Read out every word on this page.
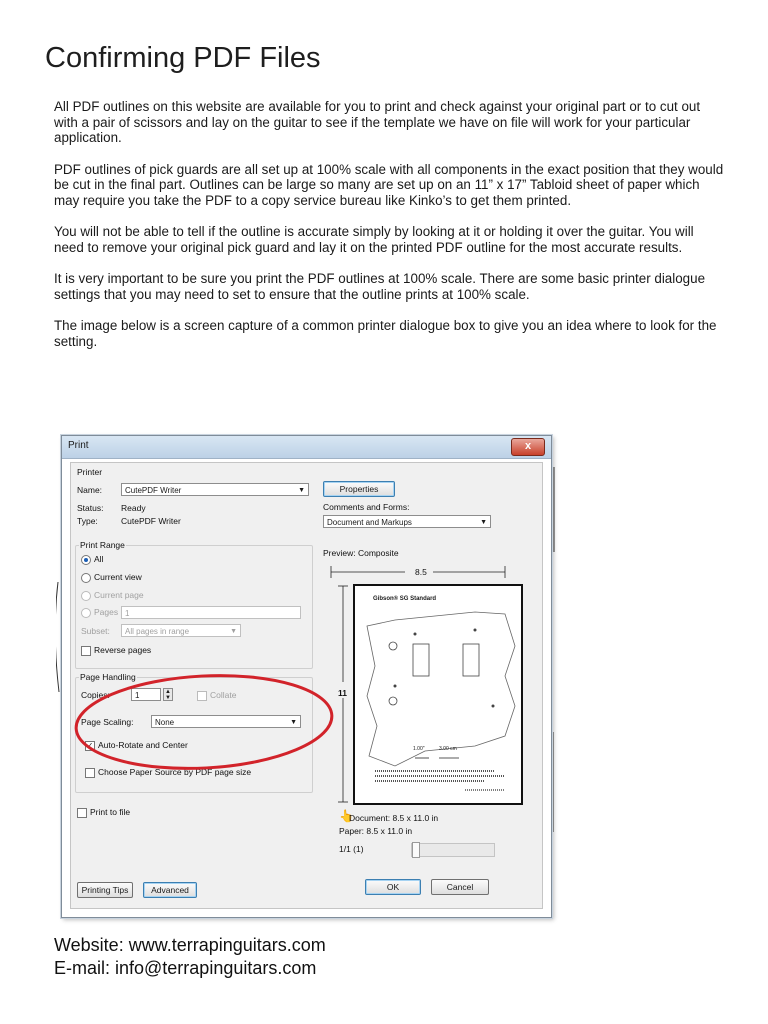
Confirming PDF Files

All PDF outlines on this website are available for you to print and check against your original part or to cut out with a pair of scissors and lay on the guitar to see if the template we have on file will work for your particular application.

PDF outlines of pick guards are all set up at 100% scale with all components in the exact position that they would be cut in the final part. Outlines can be large so many are set up on an 11” x 17” Tabloid sheet of paper which may require you take the PDF to a copy service bureau like Kinko’s to get them printed.

You will not be able to tell if the outline is accurate simply by looking at it or holding it over the guitar. You will need to remove your original pick guard and lay it on the printed PDF outline for the most accurate results.

It is very important to be sure you print the PDF outlines at 100% scale. There are some basic printer dialogue settings that you may need to set to ensure that the outline prints at 100% scale.

The image below is a screen capture of a common printer dialogue box to give you an idea where to look for the setting.

Print	x
Printer
Name:	CutePDF Writer	▼	Properties
Status: Ready
Type:	CutePDF Writer
Comments and Forms:
Document and Markups	▼
Print Range
All
Current view
Current page
Pages 1
Subset:	All pages in range	▼
Reverse pages
Page Handling
Copies:	1	▲
▼	Collate
Page Scaling:	None	▼
✓ Auto-Rotate and Center
Choose Paper Source by PDF page size
Print to file
Preview: Composite
8.5
11
Gibson® SG Standard
1.00"	3.00 cm
👆
Document: 8.5 x 11.0 in
Paper: 8.5 x 11.0 in
1/1 (1)
Printing Tips	Advanced	OK	Cancel
Website: www.terrapinguitars.com
E-mail: info@terrapinguitars.com
